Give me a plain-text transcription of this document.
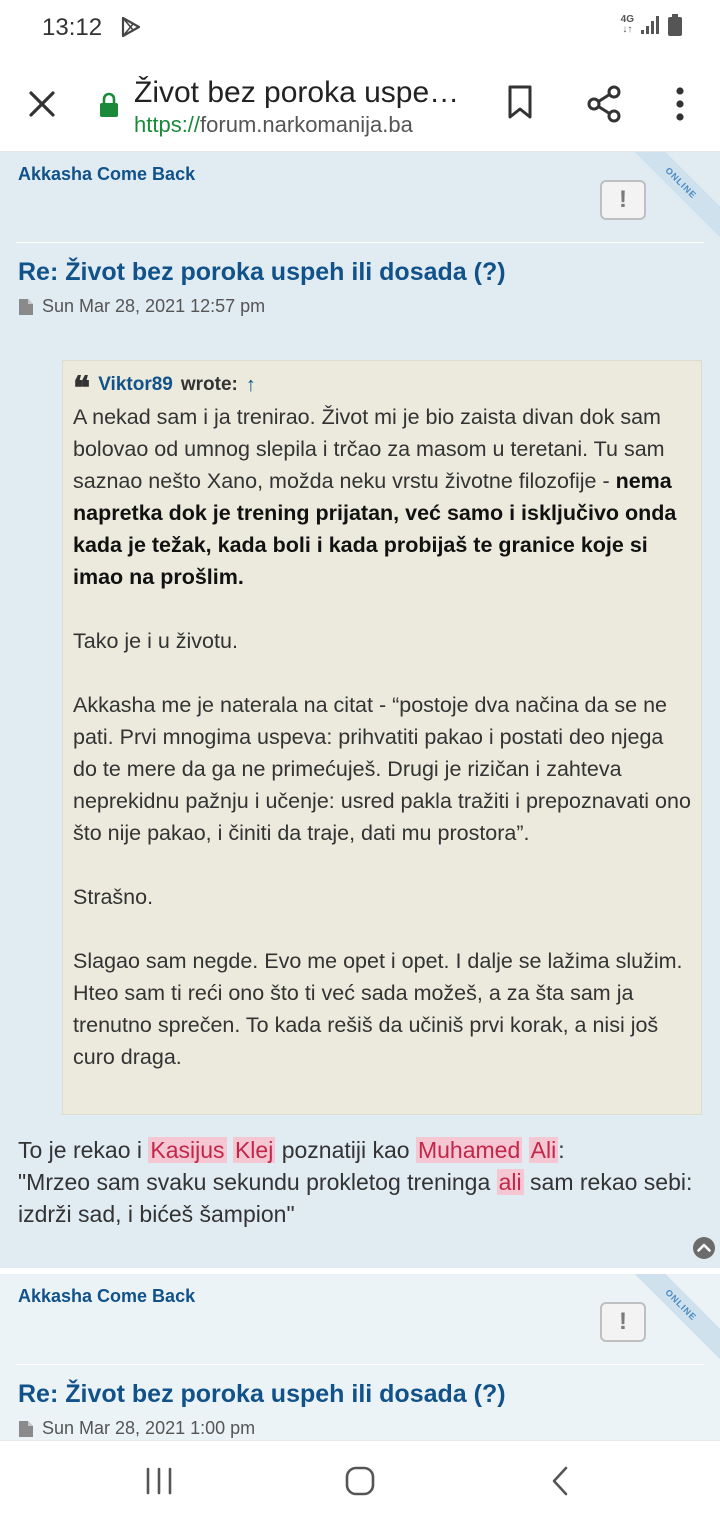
13:12	4G
↓↑
Život bez poroka uspe…
https://forum.narkomanija.ba
Akkasha Come Back	ONLINE
!
Re: Život bez poroka uspeh ili dosada (?)
Sun Mar 28, 2021 12:57 pm
❝ Viktor89 wrote: ↑

A nekad sam i ja trenirao. Život mi je bio zaista divan dok sam bolovao od umnog slepila i trčao za masom u teretani. Tu sam saznao nešto Xano, možda neku vrstu životne filozofije - nema napretka dok je trening prijatan, već samo i isključivo onda kada je težak, kada boli i kada probijaš te granice koje si imao na prošlim.

Tako je i u životu.

Akkasha me je naterala na citat - “postoje dva načina da se ne pati. Prvi mnogima uspeva: prihvatiti pakao i postati deo njega do te mere da ga ne primećuješ. Drugi je rizičan i zahteva neprekidnu pažnju i učenje: usred pakla tražiti i prepoznavati ono što nije pakao, i činiti da traje, dati mu prostora”.

Strašno.

Slagao sam negde. Evo me opet i opet. I dalje se lažima služim. Hteo sam ti reći ono što ti već sada možeš, a za šta sam ja trenutno sprečen. To kada rešiš da učiniš prvi korak, a nisi još curo draga.

To je rekao i Kasijus Klej poznatiji kao Muhamed Ali:
"Mrzeo sam svaku sekundu prokletog treninga ali sam rekao sebi: izdrži sad, i bićeš šampion"
Akkasha Come Back	ONLINE
!
Re: Život bez poroka uspeh ili dosada (?)
Sun Mar 28, 2021 1:00 pm
